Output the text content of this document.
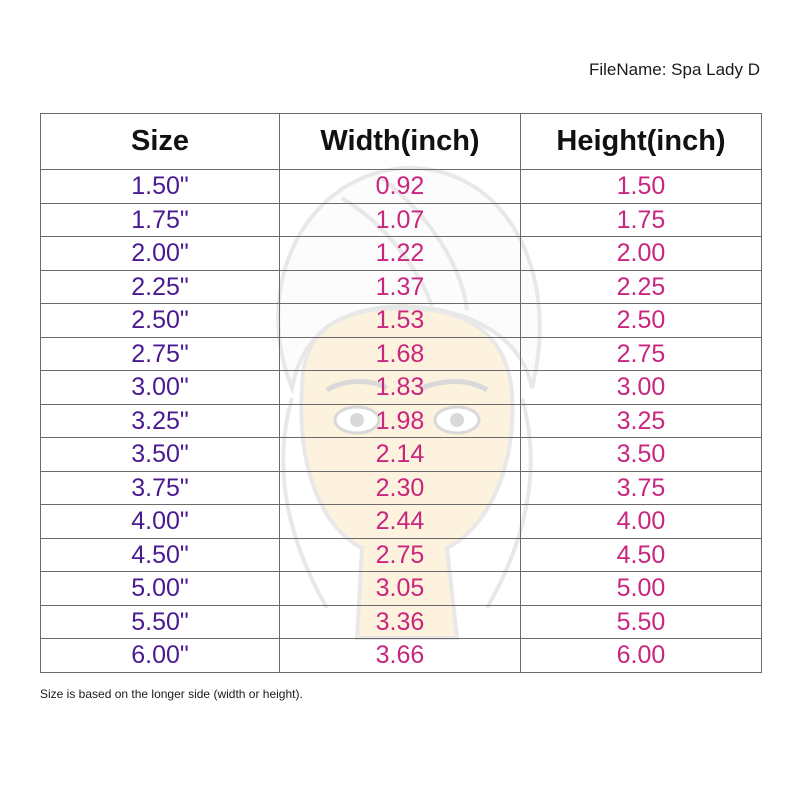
FileName: Spa Lady D
Size	Width(inch)	Height(inch)
1.50"	0.92	1.50
1.75"	1.07	1.75
2.00"	1.22	2.00
2.25"	1.37	2.25
2.50"	1.53	2.50
2.75"	1.68	2.75
3.00"	1.83	3.00
3.25"	1.98	3.25
3.50"	2.14	3.50
3.75"	2.30	3.75
4.00"	2.44	4.00
4.50"	2.75	4.50
5.00"	3.05	5.00
5.50"	3.36	5.50
6.00"	3.66	6.00
Size is based on the longer side (width or height).
